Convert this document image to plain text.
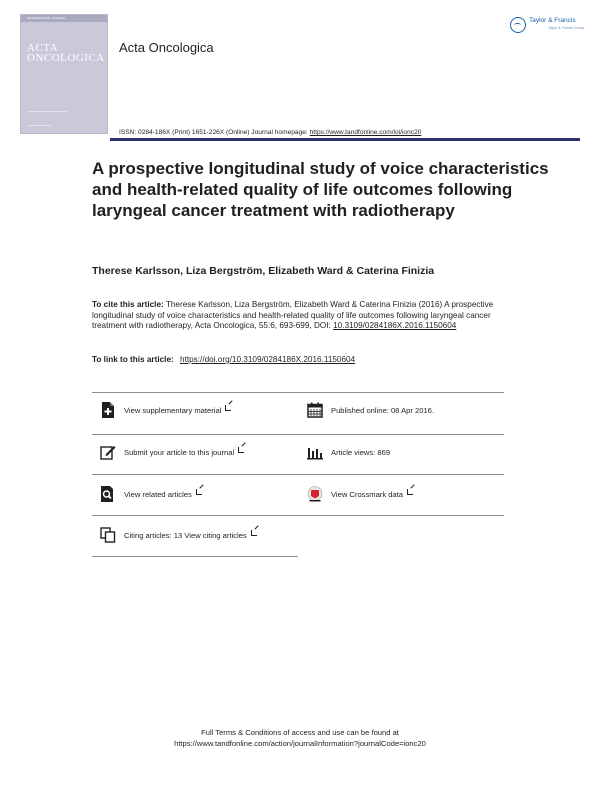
INTERNATIONAL JOURNAL
ACTA
ONCOLOGICA
Acta Oncologica
Taylor & Francis
Taylor & Francis Group
ISSN: 0284-186X (Print) 1651-226X (Online) Journal homepage: https://www.tandfonline.com/loi/ionc20
A prospective longitudinal study of voice characteristics and health-related quality of life outcomes following laryngeal cancer treatment with radiotherapy
Therese Karlsson, Liza Bergström, Elizabeth Ward & Caterina Finizia
To cite this article: Therese Karlsson, Liza Bergström, Elizabeth Ward & Caterina Finizia (2016) A prospective longitudinal study of voice characteristics and health-related quality of life outcomes following laryngeal cancer treatment with radiotherapy, Acta Oncologica, 55:6, 693-699, DOI: 10.3109/0284186X.2016.1150604
To link to this article: https://doi.org/10.3109/0284186X.2016.1150604
View supplementary material	Published online: 08 Apr 2016.
Submit your article to this journal	Article views: 869
View related articles	View Crossmark data
Citing articles: 13 View citing articles
Full Terms & Conditions of access and use can be found at
https://www.tandfonline.com/action/journalInformation?journalCode=ionc20
